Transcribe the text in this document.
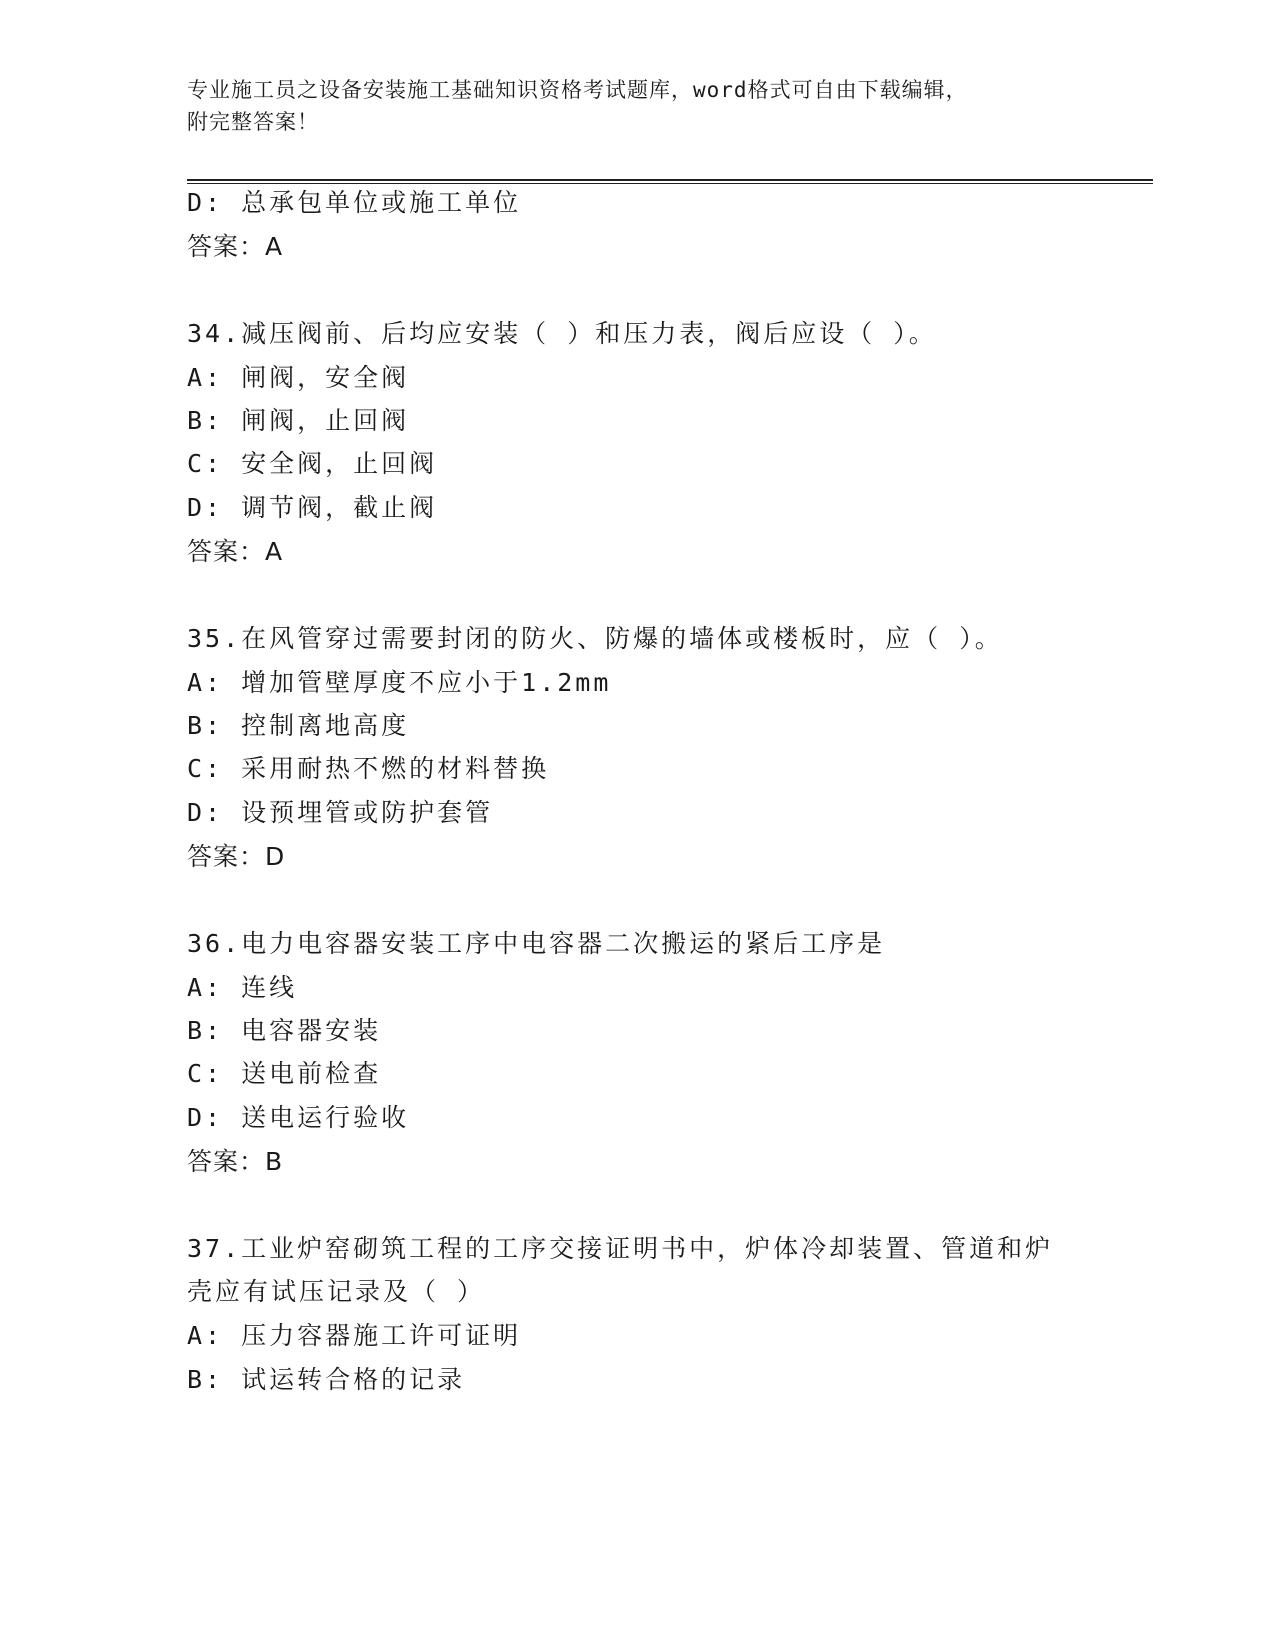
专业施工员之设备安装施工基础知识资格考试题库，word格式可自由下载编辑，
附完整答案！
D: 总承包单位或施工单位
答案：A
34.减压阀前、后均应安装（ ）和压力表，阀后应设（ ）。
A: 闸阀，安全阀
B: 闸阀，止回阀
C: 安全阀，止回阀
D: 调节阀，截止阀
答案：A
35.在风管穿过需要封闭的防火、防爆的墙体或楼板时，应（ ）。
A: 增加管壁厚度不应小于1.2mm
B: 控制离地高度
C: 采用耐热不燃的材料替换
D: 设预埋管或防护套管
答案：D
36.电力电容器安装工序中电容器二次搬运的紧后工序是
A: 连线
B: 电容器安装
C: 送电前检查
D: 送电运行验收
答案：B
37.工业炉窑砌筑工程的工序交接证明书中，炉体冷却装置、管道和炉
壳应有试压记录及（ ）
A: 压力容器施工许可证明
B: 试运转合格的记录
